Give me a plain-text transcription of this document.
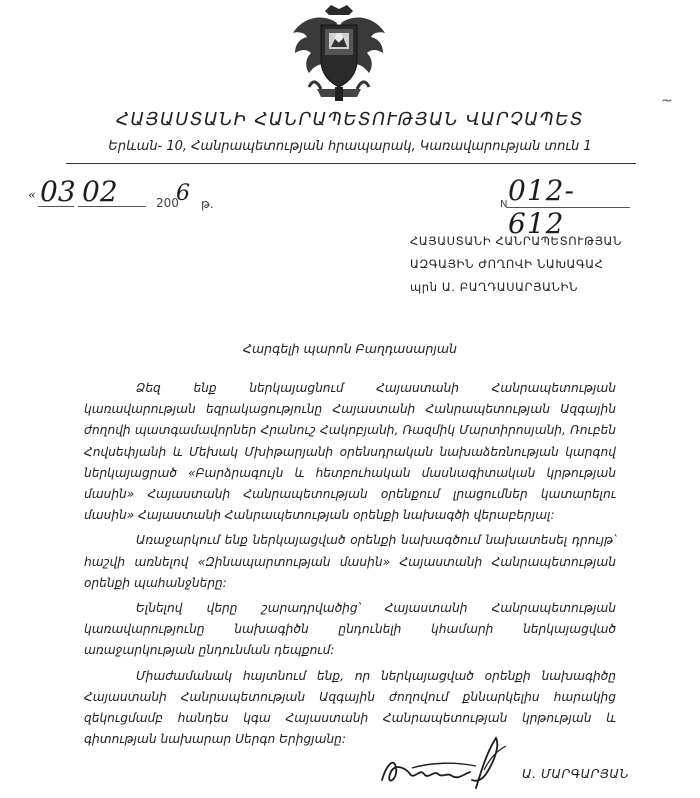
~
ՀԱՅԱՍՏԱՆԻ ՀԱՆՐԱՊԵՏՈՒԹՅԱՆ ՎԱՐՉԱՊԵՏ
Երևան- 10, Հանրապետության հրապարակ, Կառավարության տուն 1
« 03 02	200
6 թ.	N 012-612
ՀԱՅԱՍՏԱՆԻ ՀԱՆՐԱՊԵՏՈՒԹՅԱՆ
ԱԶԳԱՅԻՆ ԺՈՂՈՎԻ ՆԱԽԱԳԱՀ
պրն Ա. ԲԱՂԴԱՍԱՐՅԱՆԻՆ
Հարգելի պարոն Բաղդասարյան

Ձեզ ենք ներկայացնում Հայաստանի Հանրապետության կառավարության եզրակացությունը Հայաստանի Հանրապետության Ազգային ժողովի պատգամավորներ Հրանուշ Հակոբյանի, Ռազմիկ Մարտիրոսյանի, Ռուբեն Հովսեփյանի և Մեխակ Մխիթարյանի օրենսդրական նախաձեռնության կարգով ներկայացրած «Բարձրագույն և հետբուհական մասնագիտական կրթության մասին» Հայաստանի Հանրապետության օրենքում լրացումներ կատարելու մասին» Հայաստանի Հանրապետության օրենքի նախագծի վերաբերյալ:

Առաջարկում ենք ներկայացված օրենքի նախագծում նախատեսել դրույթ՝ հաշվի առնելով «Զինապարտության մասին» Հայաստանի Հանրապետության օրենքի պահանջները:

Ելնելով վերը շարադրվածից՝ Հայաստանի Հանրապետության կառավարությունը նախագիծն ընդունելի կհամարի ներկայացված առաջարկության ընդունման դեպքում:

Միաժամանակ հայտնում ենք, որ ներկայացված օրենքի նախագիծը Հայաստանի Հանրապետության Ազգային ժողովում քննարկելիս հարակից զեկուցմամբ հանդես կգա Հայաստանի Հանրապետության կրթության և գիտության նախարար Սերգո Երիցյանը:

Ա. ՄԱՐԳԱՐՅԱՆ
